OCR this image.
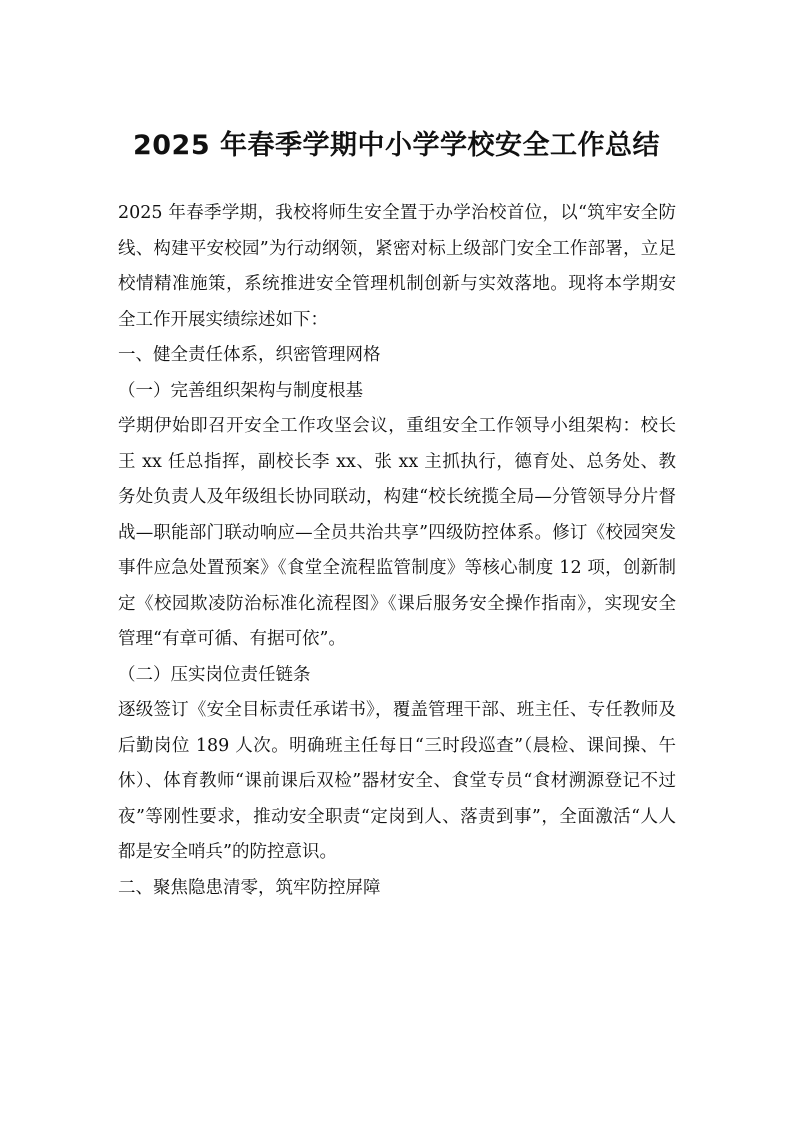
2025 年春季学期中小学学校安全工作总结

2025 年春季学期，我校将师生安全置于办学治校首位，以“筑牢安全防线、构建平安校园”为行动纲领，紧密对标上级部门安全工作部署，立足校情精准施策，系统推进安全管理机制创新与实效落地。现将本学期安全工作开展实绩综述如下：

一、健全责任体系，织密管理网格

（一）完善组织架构与制度根基

学期伊始即召开安全工作攻坚会议，重组安全工作领导小组架构：校长王 xx 任总指挥，副校长李 xx、张 xx 主抓执行，德育处、总务处、教务处负责人及年级组长协同联动，构建“校长统揽全局—分管领导分片督战—职能部门联动响应—全员共治共享”四级防控体系。修订《校园突发事件应急处置预案》《食堂全流程监管制度》等核心制度 12 项，创新制定《校园欺凌防治标准化流程图》《课后服务安全操作指南》，实现安全管理“有章可循、有据可依”。

（二）压实岗位责任链条

逐级签订《安全目标责任承诺书》，覆盖管理干部、班主任、专任教师及后勤岗位 189 人次。明确班主任每日“三时段巡查”（晨检、课间操、午休）、体育教师“课前课后双检”器材安全、食堂专员“食材溯源登记不过夜”等刚性要求，推动安全职责“定岗到人、落责到事”，全面激活“人人都是安全哨兵”的防控意识。

二、聚焦隐患清零，筑牢防控屏障
